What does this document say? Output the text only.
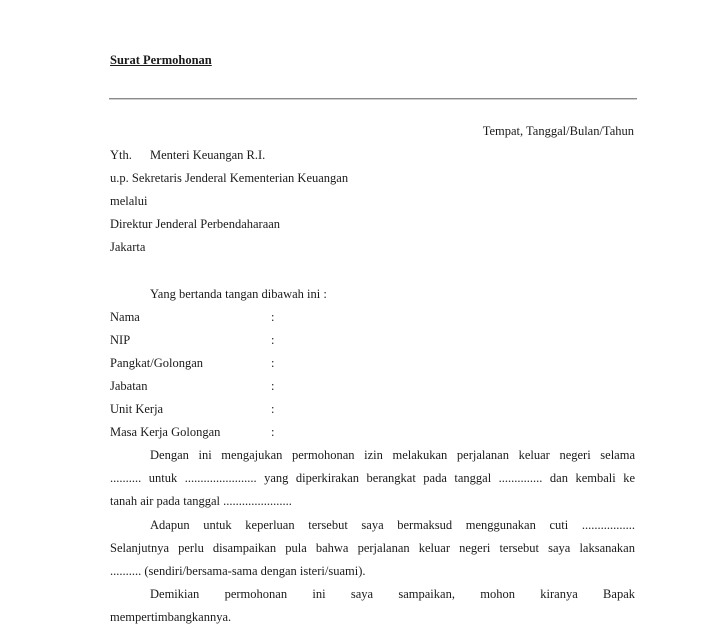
Surat Permohonan
Tempat, Tanggal/Bulan/Tahun
Yth. Menteri Keuangan R.I.
u.p. Sekretaris Jenderal Kementerian Keuangan
melalui
Direktur Jenderal Perbendaharaan
Jakarta
Yang bertanda tangan dibawah ini :
Nama	:
NIP	:
Pangkat/Golongan	:
Jabatan	:
Unit Kerja	:
Masa Kerja Golongan	:
Dengan ini mengajukan permohonan izin melakukan perjalanan keluar negeri selama
.......... untuk ....................... yang diperkirakan berangkat pada tanggal .............. dan kembali ke
tanah air pada tanggal ......................
Adapun untuk keperluan tersebut saya bermaksud menggunakan cuti .................
Selanjutnya perlu disampaikan pula bahwa perjalanan keluar negeri tersebut saya laksanakan
.......... (sendiri/bersama-sama dengan isteri/suami).
Demikian permohonan ini saya sampaikan, mohon kiranya Bapak
mempertimbangkannya.
